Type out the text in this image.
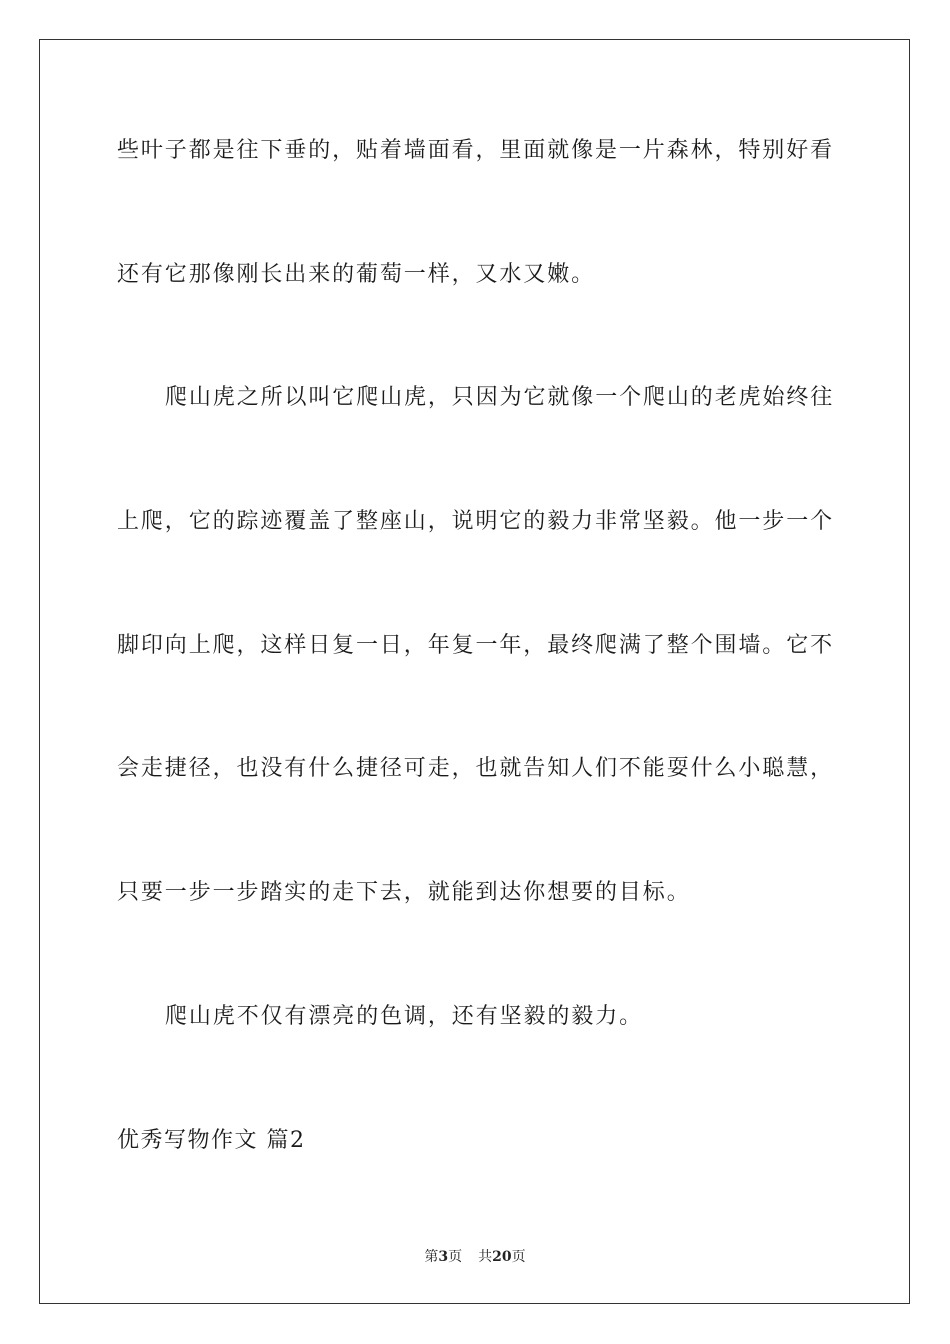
些叶子都是往下垂的，贴着墙面看，里面就像是一片森林，特别好看
还有它那像刚长出来的葡萄一样，又水又嫩。
爬山虎之所以叫它爬山虎，只因为它就像一个爬山的老虎始终往
上爬，它的踪迹覆盖了整座山，说明它的毅力非常坚毅。他一步一个
脚印向上爬，这样日复一日，年复一年，最终爬满了整个围墙。它不
会走捷径，也没有什么捷径可走，也就告知人们不能耍什么小聪慧，
只要一步一步踏实的走下去，就能到达你想要的目标。
爬山虎不仅有漂亮的色调，还有坚毅的毅力。
优秀写物作文 篇2
第3页 共20页
